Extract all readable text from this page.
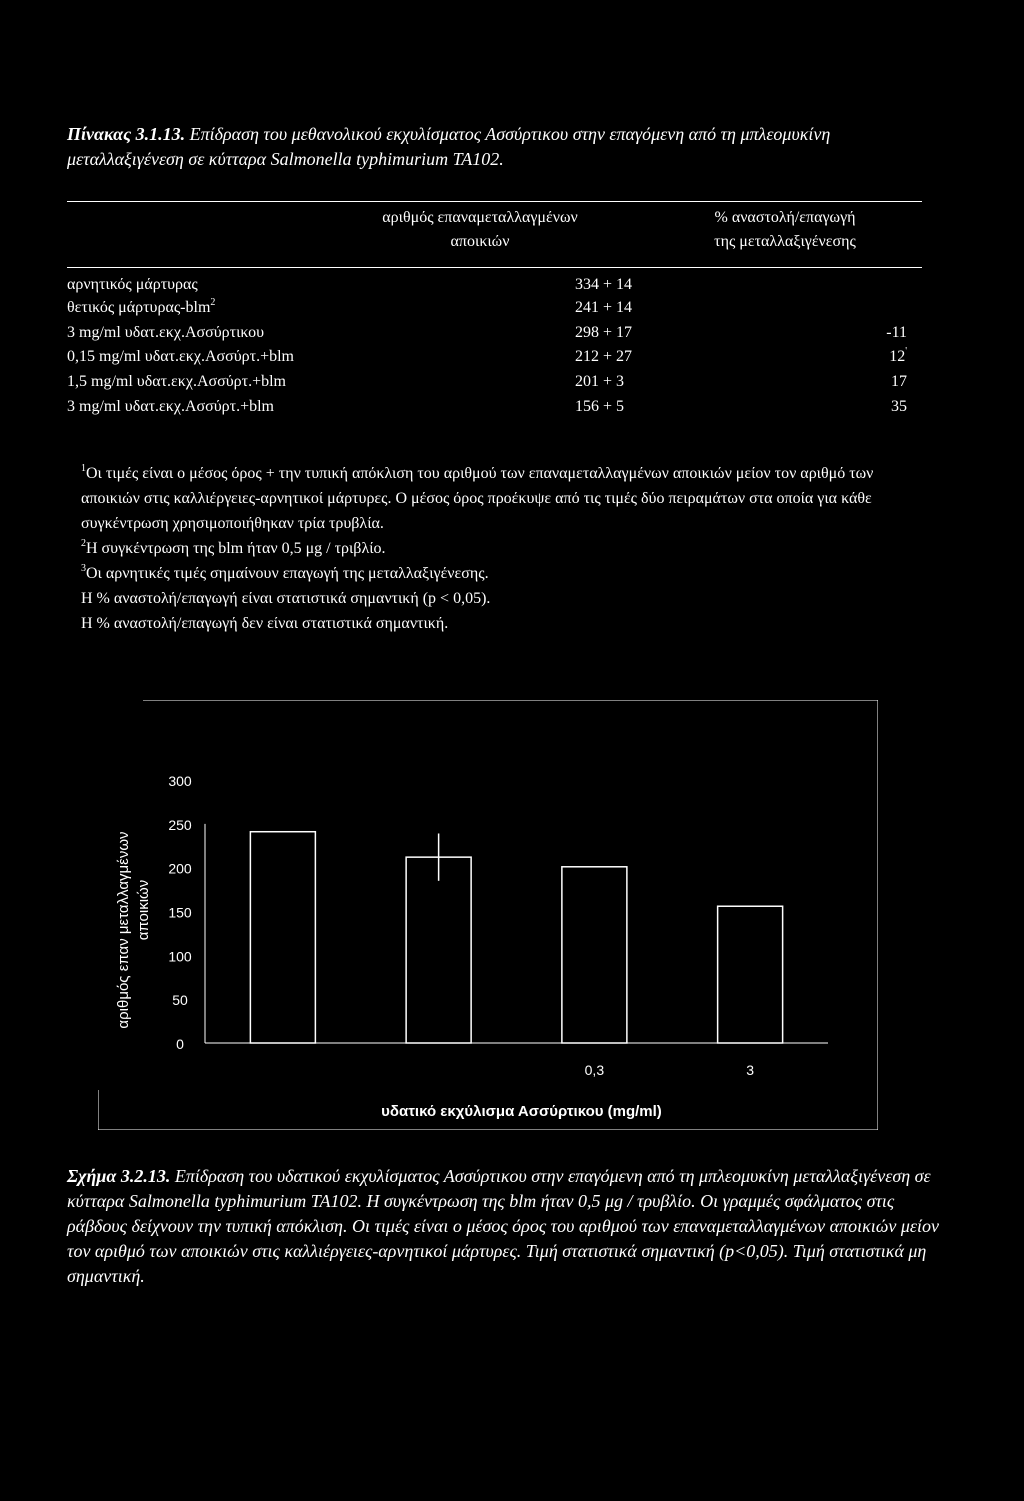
Πίνακας 3.1.13. Επίδραση του μεθανολικού εκχυλίσματος Ασσύρτικου στην επαγόμενη από τη μπλεομυκίνη μεταλλαξιγένεση σε κύτταρα Salmonella typhimurium TA102.
αριθμός επαναμεταλλαγμένων
αποικιών
% αναστολή/επαγωγή
της μεταλλαξιγένεσης
αρνητικός μάρτυρας	334 + 14
θετικός μάρτυρας-blm$^2$	241 + 14
3 mg/ml υδατ.εκχ.Ασσύρτικου	298 + 17	-11
0,15 mg/ml υδατ.εκχ.Ασσύρτ.+blm	212 + 27	12'
1,5 mg/ml υδατ.εκχ.Ασσύρτ.+blm	201 + 3	17
3 mg/ml υδατ.εκχ.Ασσύρτ.+blm	156 + 5	35

$^1$Οι τιμές είναι ο μέσος όρος + την τυπική απόκλιση του αριθμού των επαναμεταλλαγμένων αποικιών μείον τον αριθμό των αποικιών στις καλλιέργειες-αρνητικοί μάρτυρες. Ο μέσος όρος προέκυψε από τις τιμές δύο πειραμάτων στα οποία για κάθε συγκέντρωση χρησιμοποιήθηκαν τρία τρυβλία.

$^2$Η συγκέντρωση της blm ήταν 0,5 μg / τριβλίο.

$^3$Οι αρνητικές τιμές σημαίνουν επαγωγή της μεταλλαξιγένεσης.

Η % αναστολή/επαγωγή είναι στατιστικά σημαντική (p < 0,05).

Η % αναστολή/επαγωγή δεν είναι στατιστικά σημαντική.

0
50
100
150
200
250
300
0,3	3
υδατικό εκχύλισμα Ασσύρτικου (mg/ml)
αριθμός επαν μεταλλαγμένων αποικιών
Σχήμα 3.2.13. Επίδραση του υδατικού εκχυλίσματος Ασσύρτικου στην επαγόμενη από τη μπλεομυκίνη μεταλλαξιγένεση σε κύτταρα Salmonella typhimurium TA102. Η συγκέντρωση της blm ήταν 0,5 μg / τρυβλίο. Οι γραμμές σφάλματος στις ράβδους δείχνουν την τυπική απόκλιση. Οι τιμές είναι ο μέσος όρος του αριθμού των επαναμεταλλαγμένων αποικιών μείον τον αριθμό των αποικιών στις καλλιέργειες-αρνητικοί μάρτυρες. Τιμή στατιστικά σημαντική (p<0,05). Τιμή στατιστικά μη σημαντική.
